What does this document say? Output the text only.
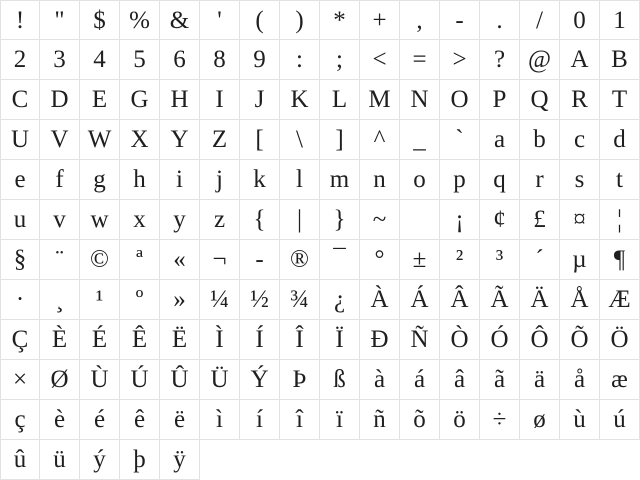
! " $ % & ' ( ) * + , - . / 0 1
2 3 4 5 6 8 9 : ; < = > ? @ A B
C D E G H I J K L M N O P Q R T
U V W X Y Z [ \ ] ^ _ ` a b c d
e f g h i j k l m n o p q r s t
u v w x y z { | } ~	¡ ¢ £ ¤ ¦
§ ¨ © ª « ¬ - ® ¯ ° ± ² ³ ´ µ ¶
· ¸ ¹ º » ¼ ½ ¾ ¿ À Á Â Ã Ä Å Æ
Ç È É Ê Ë Ì Í Î Ï Ð Ñ Ò Ó Ô Õ Ö
× Ø Ù Ú Û Ü Ý Þ ß à á â ã ä å æ
ç è é ê ë ì í î ï ñ õ ö ÷ ø ù ú
û ü ý þ ÿ
